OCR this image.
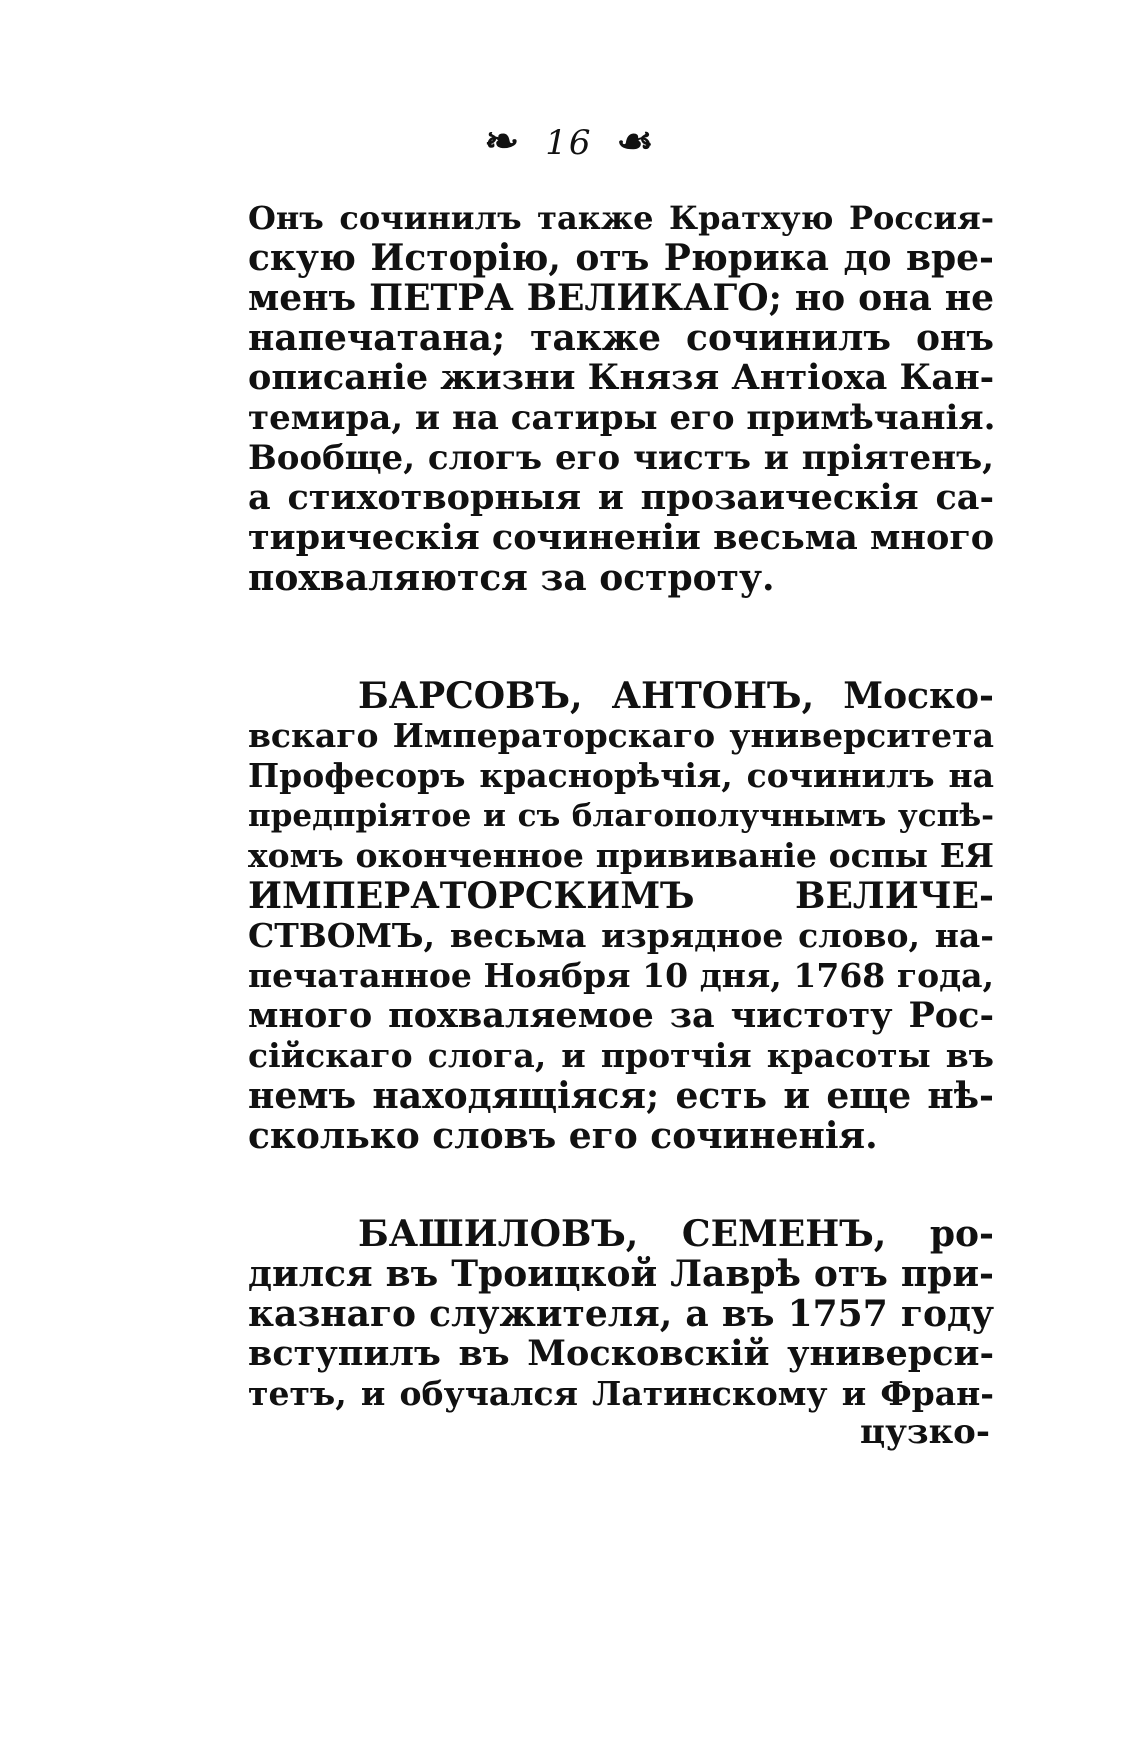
❧ 16 ☙
Онъ сочинилъ также Кратхую Россия-
скую Исторію, отъ Рюрика до вре-
менъ ПЕТРА ВЕЛИКАГО; но она не
напечатана; также сочинилъ онъ
описаніе жизни Князя Антіоха Кан-
темира, и на сатиры его примѣчанія.
Вообще, слогъ его чистъ и пріятенъ,
а стихотворныя и прозаическія са-
тирическія сочиненіи весьма много
похваляются за остроту.
БАРСОВЪ, АНТОНЪ, Моско-
вскаго Императорскаго университета
Професоръ краснорѣчія, сочинилъ на
предпріятое и съ благополучнымъ успѣ-
хомъ оконченное прививаніе оспы ЕЯ
ИМПЕРАТОРСКИМЪ ВЕЛИЧЕ-
СТВОМЪ, весьма изрядное слово, на-
печатанное Ноября 10 дня, 1768 года,
много похваляемое за чистоту Рос-
сійскаго слога, и протчія красоты въ
немъ находящіяся; есть и еще нѣ-
сколько словъ его сочиненія.
БАШИЛОВЪ, СЕМЕНЪ, ро-
дился въ Троицкой Лаврѣ отъ при-
казнаго служителя, а въ 1757 году
вступилъ въ Московскій универси-
тетъ, и обучался Латинскому и Фран-
цузко-
